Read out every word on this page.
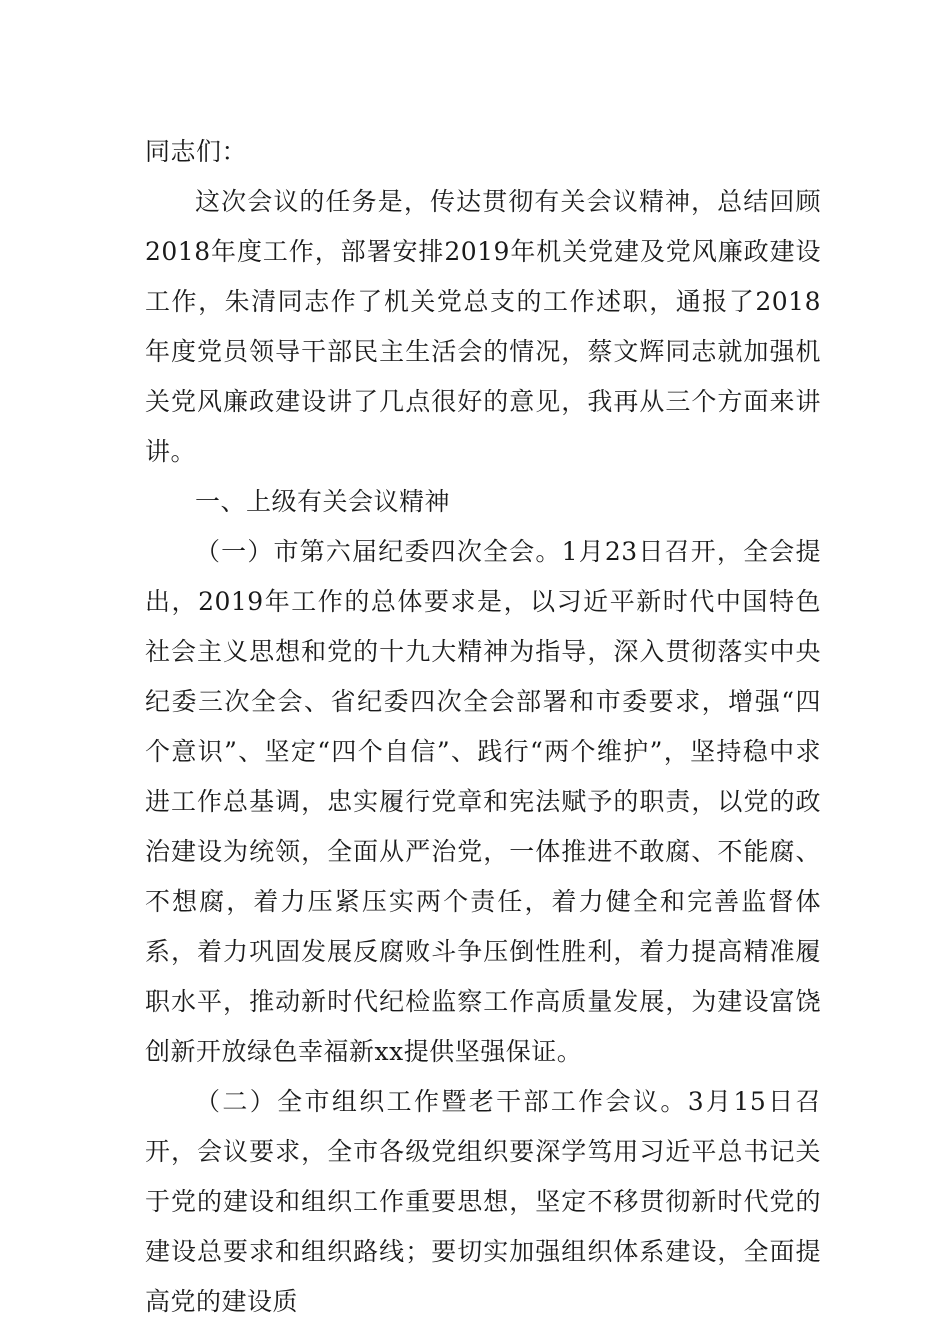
同志们：

这次会议的任务是，传达贯彻有关会议精神，总结回顾2018年度工作，部署安排2019年机关党建及党风廉政建设工作，朱清同志作了机关党总支的工作述职，通报了2018年度党员领导干部民主生活会的情况，蔡文辉同志就加强机关党风廉政建设讲了几点很好的意见，我再从三个方面来讲讲。

一、上级有关会议精神

（一）市第六届纪委四次全会。1月23日召开，全会提出，2019年工作的总体要求是，以习近平新时代中国特色社会主义思想和党的十九大精神为指导，深入贯彻落实中央纪委三次全会、省纪委四次全会部署和市委要求，增强“四个意识”、坚定“四个自信”、践行“两个维护”，坚持稳中求进工作总基调，忠实履行党章和宪法赋予的职责，以党的政治建设为统领，全面从严治党，一体推进不敢腐、不能腐、不想腐，着力压紧压实两个责任，着力健全和完善监督体系，着力巩固发展反腐败斗争压倒性胜利，着力提高精准履职水平，推动新时代纪检监察工作高质量发展，为建设富饶创新开放绿色幸福新xx提供坚强保证。

（二）全市组织工作暨老干部工作会议。3月15日召开，会议要求，全市各级党组织要深学笃用习近平总书记关于党的建设和组织工作重要思想，坚定不移贯彻新时代党的建设总要求和组织路线；要切实加强组织体系建设，全面提高党的建设质
